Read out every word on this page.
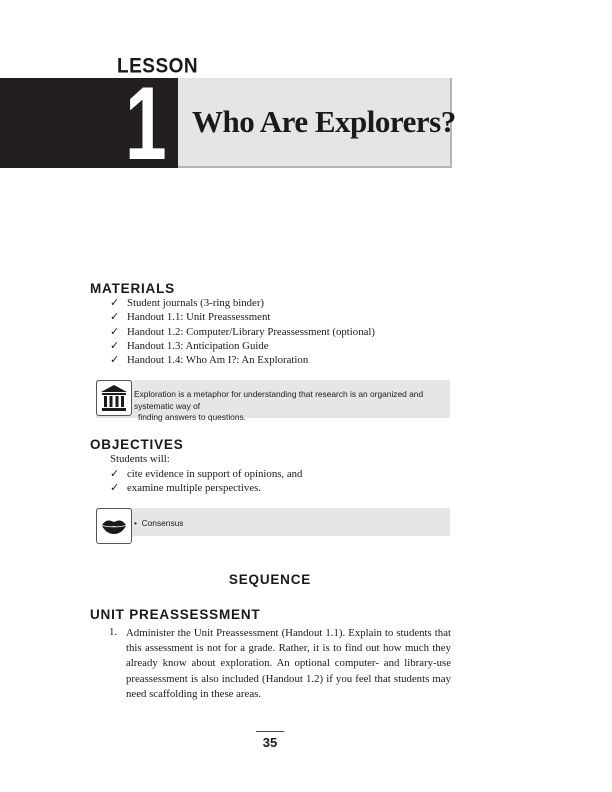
LESSON
1 Who Are Explorers?
MATERIALS
✓ Student journals (3-ring binder)
✓ Handout 1.1: Unit Preassessment
✓ Handout 1.2: Computer/Library Preassessment (optional)
✓ Handout 1.3: Anticipation Guide
✓ Handout 1.4: Who Am I?: An Exploration
Exploration is a metaphor for understanding that research is an organized and systematic way of
finding answers to questions.
OBJECTIVES
Students will:
✓ cite evidence in support of opinions, and
✓ examine multiple perspectives.
• Consensus
SEQUENCE
UNIT PREASSESSMENT
1. Administer the Unit Preassessment (Handout 1.1). Explain to students that this assessment is not for a grade. Rather, it is to find out how much they already know about exploration. An optional computer- and library-use preassessment is also included (Handout 1.2) if you feel that students may need scaffolding in these areas.
35
